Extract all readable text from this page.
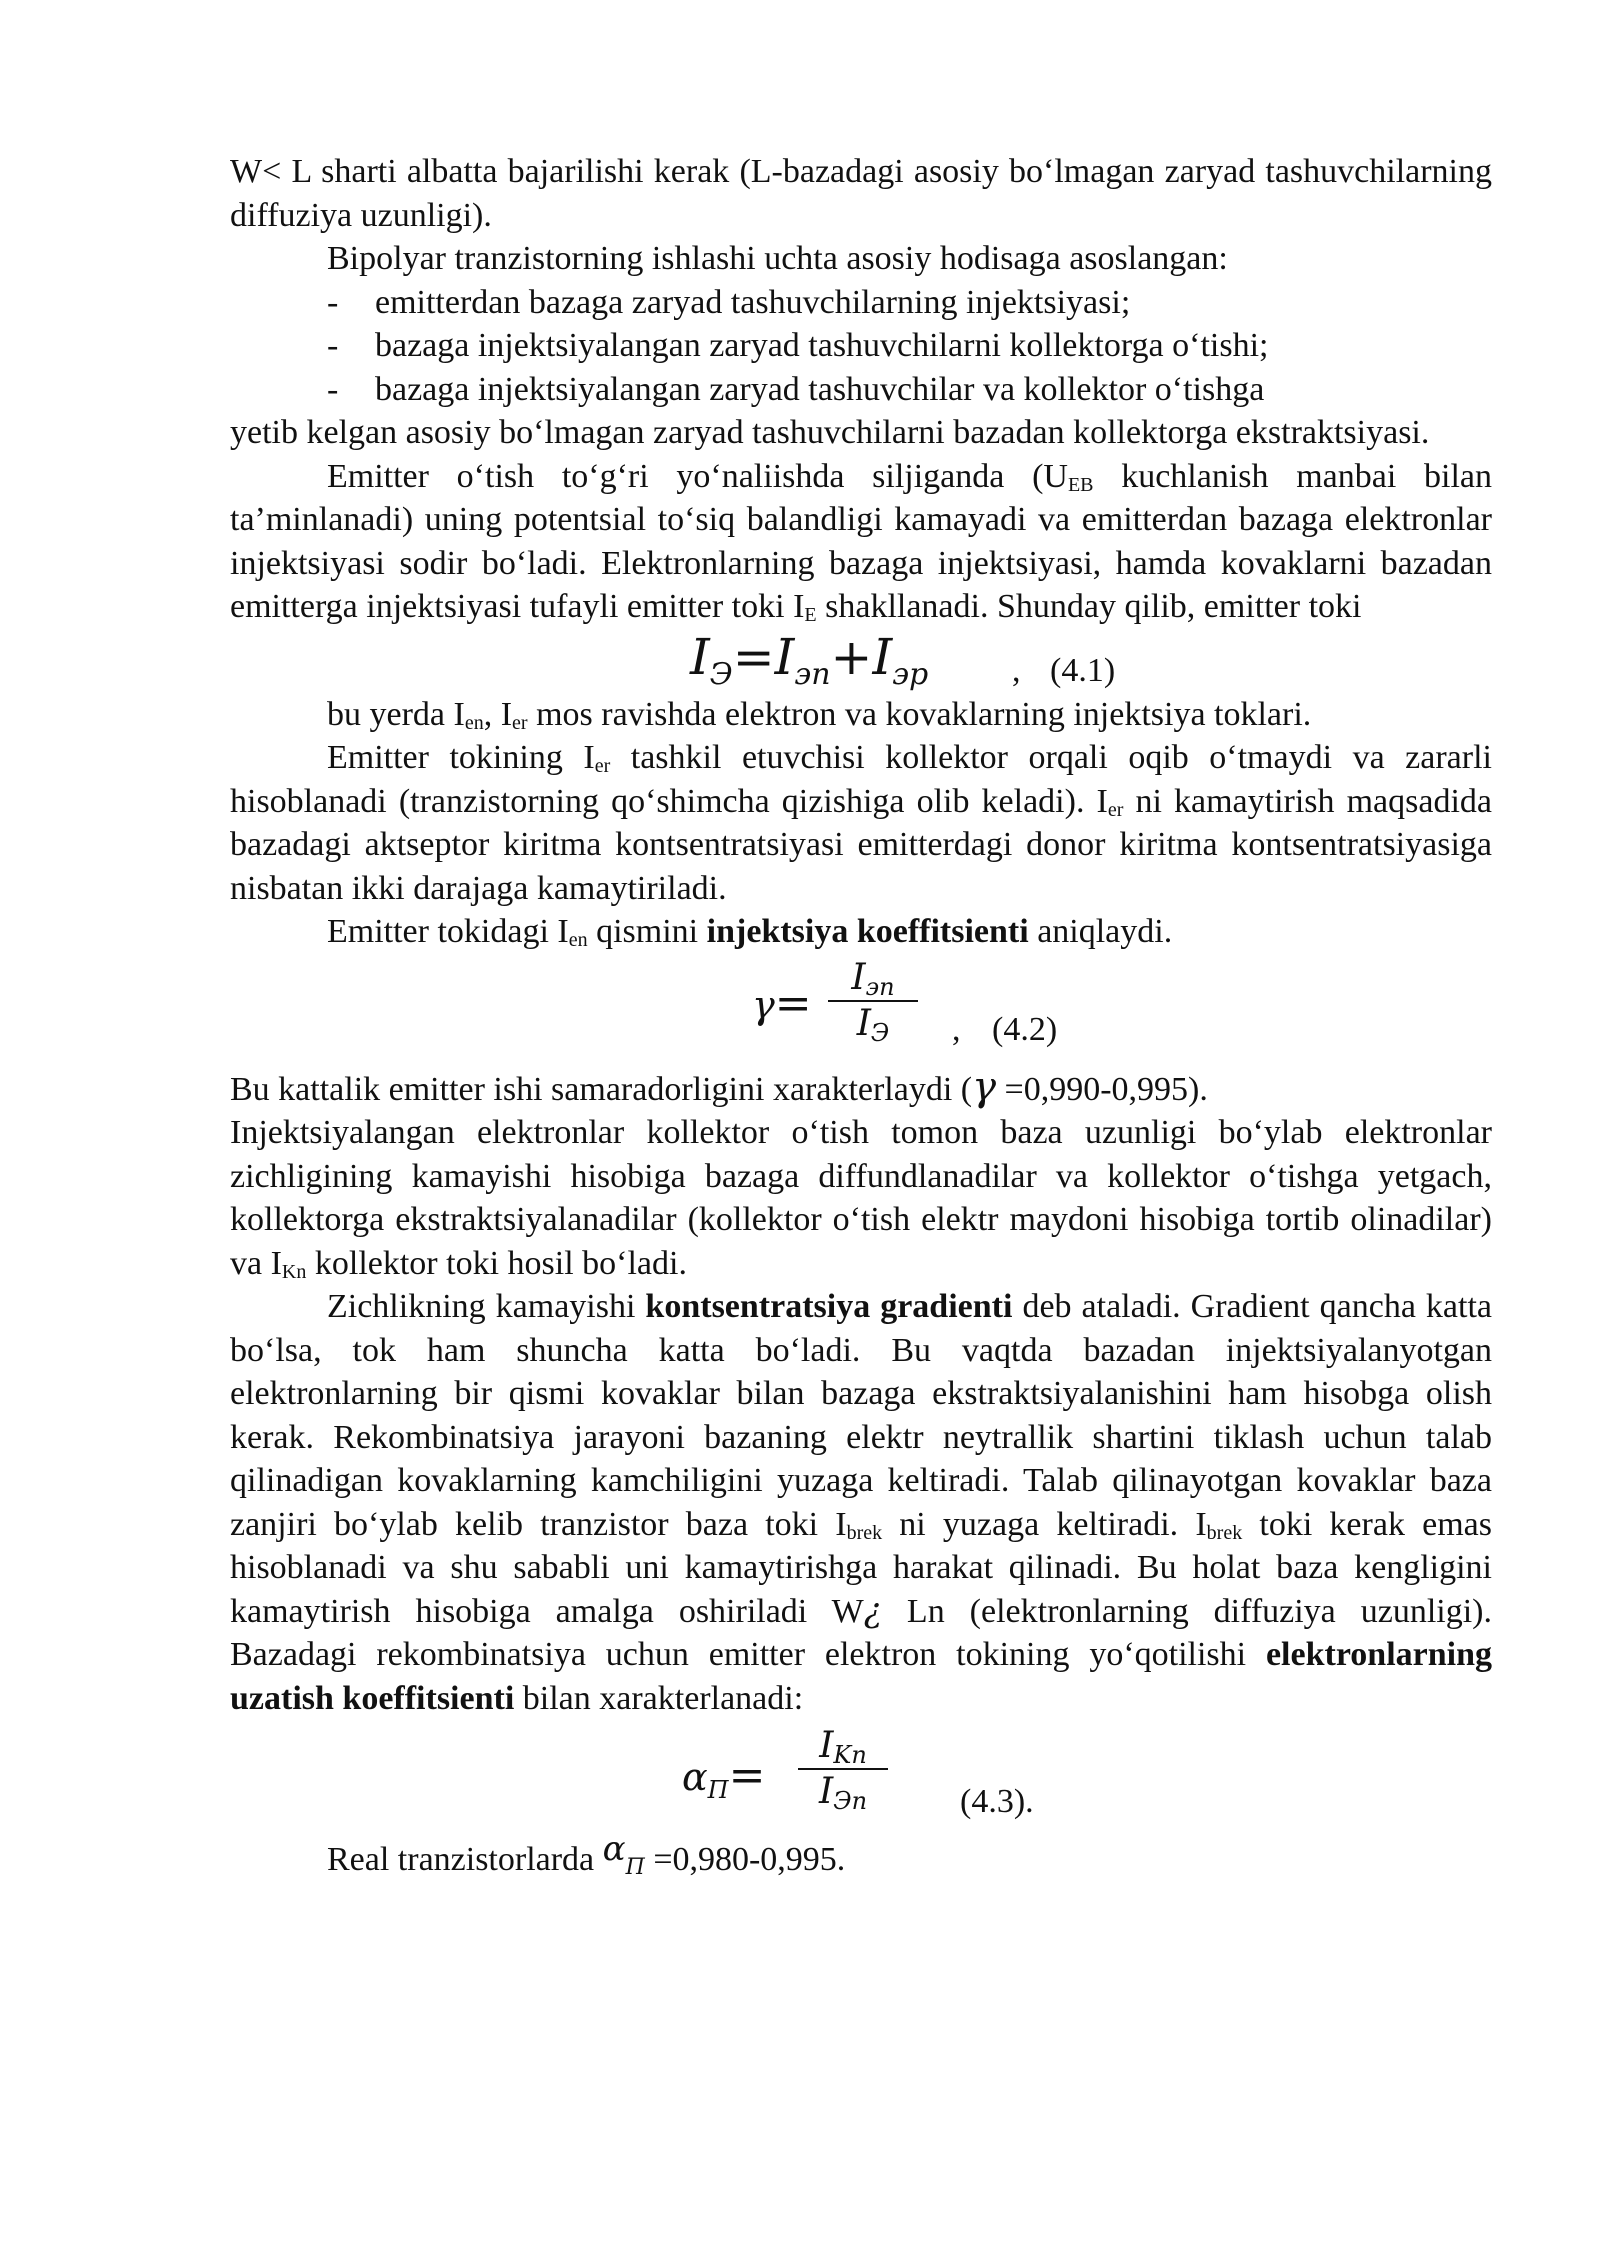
W< L sharti albatta bajarilishi kerak (L-bazadagi asosiy bo‘lmagan zaryad tashuvchilarning diffuziya uzunligi).

Bipolyar tranzistorning ishlashi uchta asosiy hodisaga asoslangan:

- emitterdan bazaga zaryad tashuvchilarning injektsiyasi;

- bazaga injektsiyalangan zaryad tashuvchilarni kollektorga o‘tishi;

- bazaga injektsiyalangan zaryad tashuvchilar va kollektor o‘tishga

yetib kelgan asosiy bo‘lmagan zaryad tashuvchilarni bazadan kollektorga ekstraktsiyasi.

Emitter o‘tish to‘g‘ri yo‘naliishda siljiganda ($U_{EB}$ kuchlanish manbai bilan ta’minlanadi) uning potentsial to‘siq balandligi kamayadi va emitterdan bazaga elektronlar injektsiyasi sodir bo‘ladi. Elektronlarning bazaga injektsiyasi, hamda kovaklarni bazadan emitterga injektsiyasi tufayli emitter toki $I_E$ shakllanadi. Shunday qilib, emitter toki

$I_Э=I_{эп}+I_{эр}$ , (4.1)

bu yerda $I_{en}$, $I_{er}$ mos ravishda elektron va kovaklarning injektsiya toklari.

Emitter tokining $I_{er}$ tashkil etuvchisi kollektor orqali oqib o‘tmaydi va zararli hisoblanadi (tranzistorning qo‘shimcha qizishiga olib keladi). $I_{er}$ ni kamaytirish maqsadida bazadagi aktseptor kiritma kontsentratsiyasi emitterdagi donor kiritma kontsentratsiyasiga nisbatan ikki darajaga kamaytiriladi.

Emitter tokidagi $I_{en}$ qismini injektsiya koeffitsienti aniqlaydi.

γ=
$I_{эп}$
$I_Э$	, (4.2)

Bu kattalik emitter ishi samaradorligini xarakterlaydi (γ =0,990-0,995).

Injektsiyalangan elektronlar kollektor o‘tish tomon baza uzunligi bo‘ylab elektronlar zichligining kamayishi hisobiga bazaga diffundlanadilar va kollektor o‘tishga yetgach, kollektorga ekstraktsiyalanadilar (kollektor o‘tish elektr maydoni hisobiga tortib olinadilar) va $I_{Kn}$ kollektor toki hosil bo‘ladi.

Zichlikning kamayishi kontsentratsiya gradienti deb ataladi. Gradient qancha katta bo‘lsa, tok ham shuncha katta bo‘ladi. Bu vaqtda bazadan injektsiyalanyotgan elektronlarning bir qismi kovaklar bilan bazaga ekstraktsiyalanishini ham hisobga olish kerak. Rekombinatsiya jarayoni bazaning elektr neytrallik shartini tiklash uchun talab qilinadigan kovaklarning kamchiligini yuzaga keltiradi. Talab qilinayotgan kovaklar baza zanjiri bo‘ylab kelib tranzistor baza toki $I_{brek}$ ni yuzaga keltiradi. $I_{brek}$ toki kerak emas hisoblanadi va shu sababli uni kamaytirishga harakat qilinadi. Bu holat baza kengligini kamaytirish hisobiga amalga oshiriladi W¿ Ln (elektronlarning diffuziya uzunligi). Bazadagi rekombinatsiya uchun emitter elektron tokining yo‘qotilishi elektronlarning uzatish koeffitsienti bilan xarakterlanadi:

$\alpha_П=$
$I_{Kn}$
$I_{Эп}$	(4.3).

Real tranzistorlarda $\alpha_П =0,980-0,995$.
